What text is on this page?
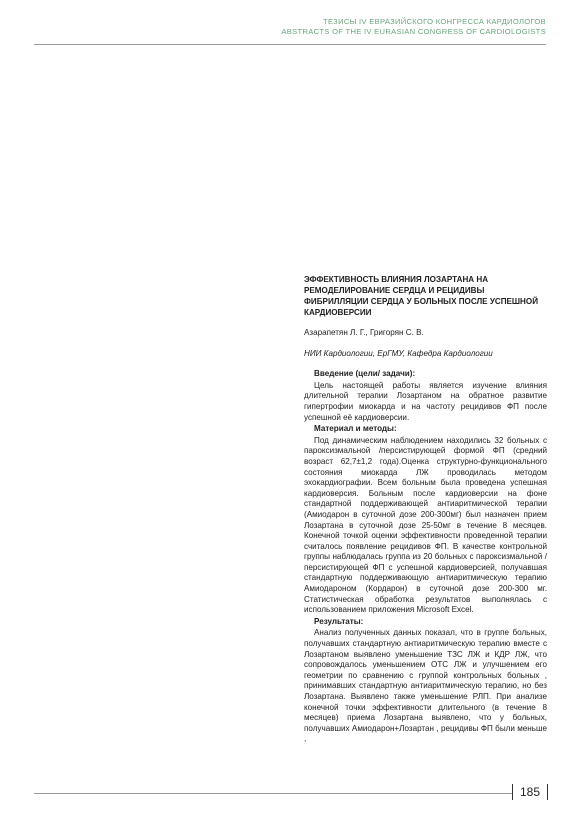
ТЕЗИСЫ IV ЕВРАЗИЙСКОГО КОНГРЕССА КАРДИОЛОГОВ
ABSTRACTS OF THE IV EURASIAN CONGRESS OF CARDIOLOGISTS
ЭФФЕКТИВНОСТЬ ВЛИЯНИЯ ЛОЗАРТАНА НА РЕМОДЕЛИРОВАНИЕ СЕРДЦА И РЕЦИДИВЫ ФИБРИЛЛЯЦИИ СЕРДЦА У БОЛЬНЫХ ПОСЛЕ УСПЕШНОЙ КАРДИОВЕРСИИ
Азарапетян Л. Г., Григорян С. В.
НИИ Кардиологии, ЕрГМУ, Кафедра Кардиологии
Введение (цели/ задачи):
Цель настоящей работы является изучение влияния длительной терапии Лозартаном на обратное развитие гипертрофии миокарда и на частоту рецидивов ФП после успешной её кардиоверсии.
Материал и методы:
Под динамическим наблюдением находились 32 больных с пароксизмальной /персистирующей формой ФП (средний возраст 62,7±1,2 года).Оценка структурно-функционального состояния миокарда ЛЖ проводилась методом эхокардиографии. Всем больным была проведена успешная кардиоверсия. Больным после кардиоверсии на фоне стандартной поддерживающей антиаритмической терапии (Амиодарон в суточной дозе 200-300мг) был назначен прием Лозартана в суточной дозе 25-50мг в течение 8 месяцев. Конечной точкой оценки эффективности проведенной терапии считалось появление рецидивов ФП. В качестве контрольной группы наблюдалась группа из 20 больных с пароксизмальной /персистирующей ФП с успешной кардиоверсией, получавшая стандартную поддерживающую антиаритмическую терапию Амиодароном (Кордарон) в суточной дозе 200-300 мг. Статистическая обработка результатов выполнялась с использованием приложения Microsoft Excel.
Результаты:
Анализ полученных данных показал, что в группе больных, получавших стандартную антиаритмическую терапию вместе с Лозартаном выявлено уменьшение ТЗС ЛЖ и КДР ЛЖ, что сопровождалось уменьшением ОТС ЛЖ и улучшением его геометрии по сравнению с группой контрольных больных , принимавших стандартную антиаритмическую терапию, но без Лозартана. Выявлено также уменьшение РЛП. При анализе конечной точки эффективности длительного (в течение 8 месяцев) приема Лозартана выявлено, что у больных, получавших Амиодарон+Лозартан , рецидивы ФП были меньше ,
185
